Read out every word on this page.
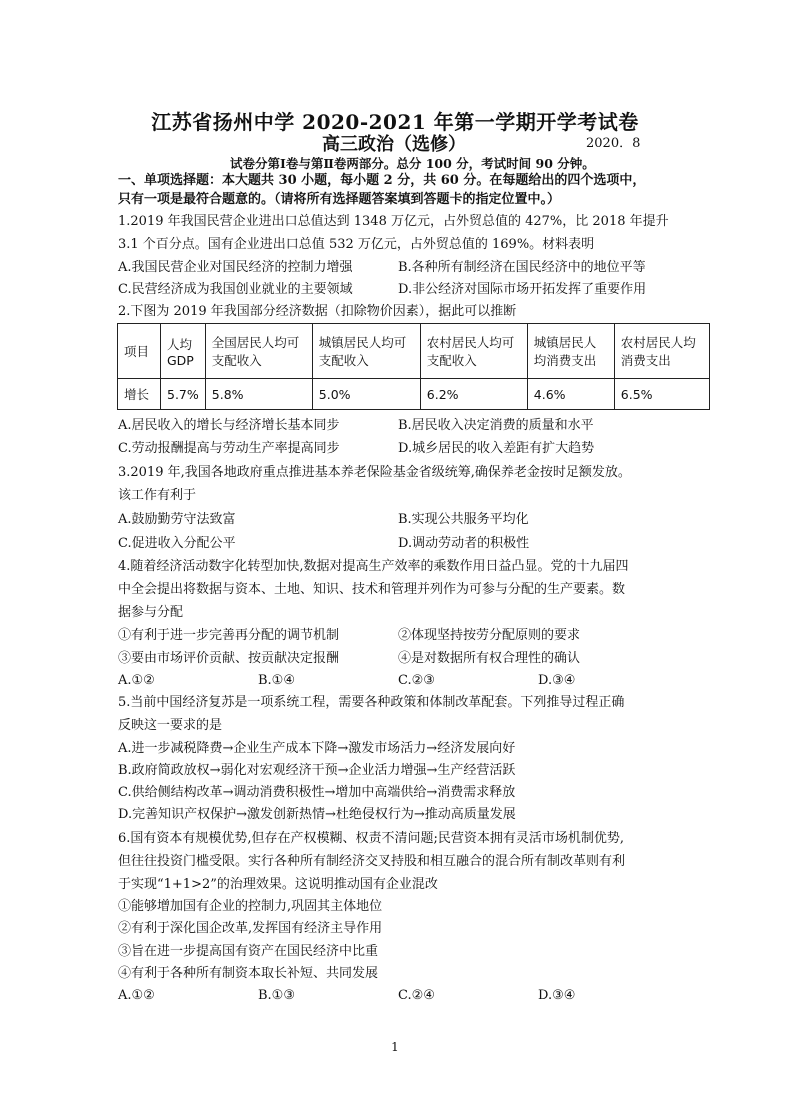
江苏省扬州中学 2020-2021 年第一学期开学考试卷
高三政治（选修）	2020．8
试卷分第Ⅰ卷与第Ⅱ卷两部分。总分 100 分，考试时间 90 分钟。
一、单项选择题：本大题共 30 小题，每小题 2 分，共 60 分。在每题给出的四个选项中，
只有一项是最符合题意的。（请将所有选择题答案填到答题卡的指定位置中。）
1.2019 年我国民营企业进出口总值达到 1348 万亿元，占外贸总值的 427%，比 2018 年提升
3.1 个百分点。国有企业进出口总值 532 万亿元，占外贸总值的 169%。材料表明
A.我国民营企业对国民经济的控制力增强	B.各种所有制经济在国民经济中的地位平等
C.民营经济成为我国创业就业的主要领域	D.非公经济对国际市场开拓发挥了重要作用
2.下图为 2019 年我国部分经济数据（扣除物价因素），据此可以推断
项目	人均 GDP	全国居民人均可支配收入	城镇居民人均可支配收入	农村居民人均可支配收入	城镇居民人均消费支出	农村居民人均消费支出
增长	5.7%	5.8%	5.0%	6.2%	4.6%	6.5%
A.居民收入的增长与经济增长基本同步	B.居民收入决定消费的质量和水平
C.劳动报酬提高与劳动生产率提高同步	D.城乡居民的收入差距有扩大趋势
3.2019 年,我国各地政府重点推进基本养老保险基金省级统筹,确保养老金按时足额发放。
该工作有利于
A.鼓励勤劳守法致富	B.实现公共服务平均化
C.促进收入分配公平	D.调动劳动者的积极性
4.随着经济活动数字化转型加快,数据对提高生产效率的乘数作用日益凸显。党的十九届四
中全会提出将数据与资本、土地、知识、技术和管理并列作为可参与分配的生产要素。数
据参与分配
①有利于进一步完善再分配的调节机制	②体现坚持按劳分配原则的要求
③要由市场评价贡献、按贡献决定报酬	④是对数据所有权合理性的确认
A.①②	B.①④	C.②③	D.③④
5.当前中国经济复苏是一项系统工程，需要各种政策和体制改革配套。下列推导过程正确
反映这一要求的是
A.进一步减税降费→企业生产成本下降→激发市场活力→经济发展向好
B.政府简政放权→弱化对宏观经济干预→企业活力增强→生产经营活跃
C.供给侧结构改革→调动消费积极性→增加中高端供给→消费需求释放
D.完善知识产权保护→激发创新热情→杜绝侵权行为→推动高质量发展
6.国有资本有规模优势,但存在产权模糊、权责不清问题;民营资本拥有灵活市场机制优势,
但往往投资门槛受限。实行各种所有制经济交叉持股和相互融合的混合所有制改革则有利
于实现“1+1>2”的治理效果。这说明推动国有企业混改
①能够增加国有企业的控制力,巩固其主体地位
②有利于深化国企改革,发挥国有经济主导作用
③旨在进一步提高国有资产在国民经济中比重
④有利于各种所有制资本取长补短、共同发展
A.①②	B.①③	C.②④	D.③④
1
